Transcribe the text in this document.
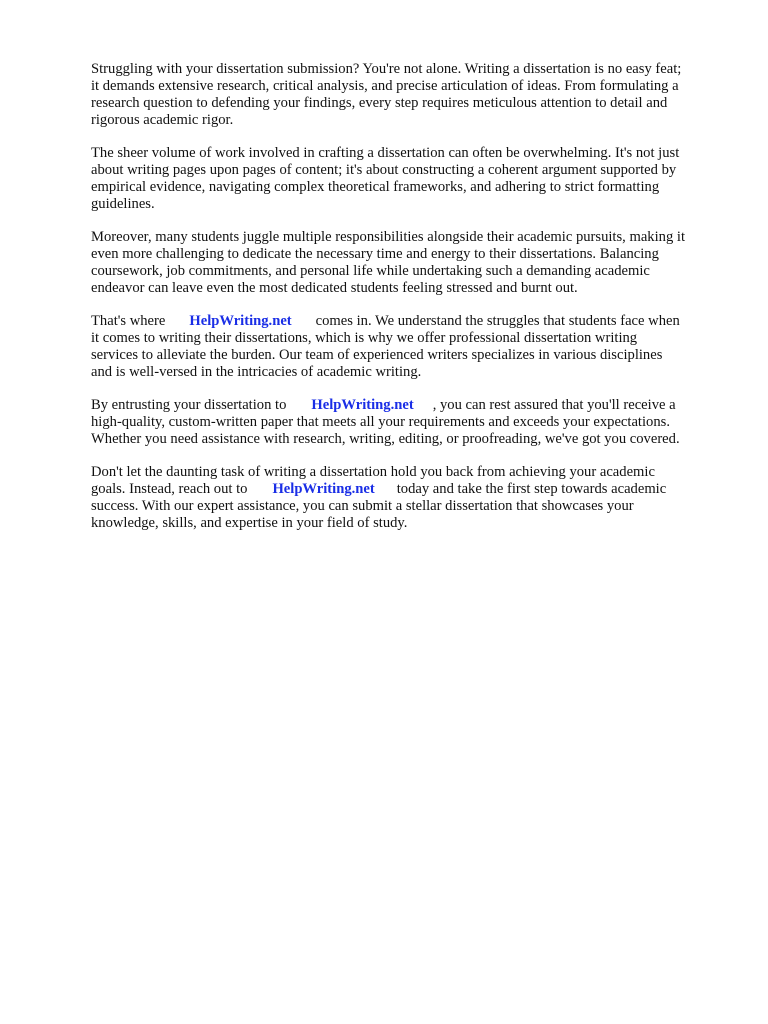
Struggling with your dissertation submission? You're not alone. Writing a dissertation is no easy feat;
it demands extensive research, critical analysis, and precise articulation of ideas. From formulating a
research question to defending your findings, every step requires meticulous attention to detail and
rigorous academic rigor.
The sheer volume of work involved in crafting a dissertation can often be overwhelming. It's not just
about writing pages upon pages of content; it's about constructing a coherent argument supported by
empirical evidence, navigating complex theoretical frameworks, and adhering to strict formatting
guidelines.
Moreover, many students juggle multiple responsibilities alongside their academic pursuits, making it
even more challenging to dedicate the necessary time and energy to their dissertations. Balancing
coursework, job commitments, and personal life while undertaking such a demanding academic
endeavor can leave even the most dedicated students feeling stressed and burnt out.
That's where HelpWriting.net comes in. We understand the struggles that students face when
it comes to writing their dissertations, which is why we offer professional dissertation writing
services to alleviate the burden. Our team of experienced writers specializes in various disciplines
and is well-versed in the intricacies of academic writing.
By entrusting your dissertation to HelpWriting.net , you can rest assured that you'll receive a
high-quality, custom-written paper that meets all your requirements and exceeds your expectations.
Whether you need assistance with research, writing, editing, or proofreading, we've got you covered.
Don't let the daunting task of writing a dissertation hold you back from achieving your academic
goals. Instead, reach out to HelpWriting.net today and take the first step towards academic
success. With our expert assistance, you can submit a stellar dissertation that showcases your
knowledge, skills, and expertise in your field of study.
